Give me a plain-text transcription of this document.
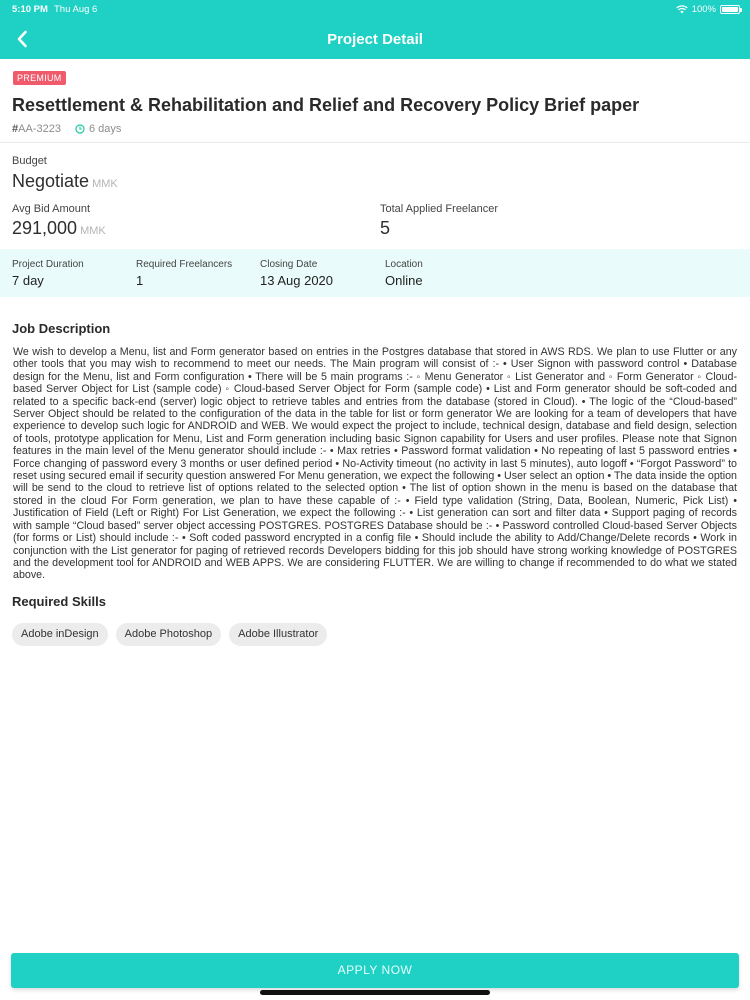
5:10 PM Thu Aug 6	100%
Project Detail
PREMIUM
Resettlement & Rehabilitation and Relief and Recovery Policy Brief paper
# AA-3223	6 days
Budget
Negotiate MMK
Avg Bid Amount
291,000 MMK
Total Applied Freelancer
5
Project Duration
7 day
Required Freelancers
1
Closing Date
13 Aug 2020
Location
Online
Job Description
We wish to develop a Menu, list and Form generator based on entries in the Postgres database that stored in AWS RDS. We plan to use Flutter or any other tools that you may wish to recommend to meet our needs. The Main program will consist of :- • User Signon with password control • Database design for the Menu, list and Form configuration • There will be 5 main programs :- ◦ Menu Generator ◦ List Generator and ◦ Form Generator ◦ Cloud-based Server Object for List (sample code) ◦ Cloud-based Server Object for Form (sample code) • List and Form generator should be soft-coded and related to a specific back-end (server) logic object to retrieve tables and entries from the database (stored in Cloud). • The logic of the “Cloud-based” Server Object should be related to the configuration of the data in the table for list or form generator We are looking for a team of developers that have experience to develop such logic for ANDROID and WEB. We would expect the project to include, technical design, database and field design, selection of tools, prototype application for Menu, List and Form generation including basic Signon capability for Users and user profiles. Please note that Signon features in the main level of the Menu generator should include :- • Max retries • Password format validation • No repeating of last 5 password entries • Force changing of password every 3 months or user defined period • No-Activity timeout (no activity in last 5 minutes), auto logoff • “Forgot Password” to reset using secured email if security question answered For Menu generation, we expect the following • User select an option • The data inside the option will be send to the cloud to retrieve list of options related to the selected option • The list of option shown in the menu is based on the database that stored in the cloud For Form generation, we plan to have these capable of :- • Field type validation (String, Data, Boolean, Numeric, Pick List) • Justification of Field (Left or Right) For List Generation, we expect the following :- • List generation can sort and filter data • Support paging of records with sample “Cloud based” server object accessing POSTGRES. POSTGRES Database should be :- • Password controlled Cloud-based Server Objects (for forms or List) should include :- • Soft coded password encrypted in a config file • Should include the ability to Add/Change/Delete records • Work in conjunction with the List generator for paging of retrieved records Developers bidding for this job should have strong working knowledge of POSTGRES and the development tool for ANDROID and WEB APPS. We are considering FLUTTER. We are willing to change if recommended to do what we stated above.
Required Skills
Adobe inDesign	Adobe Photoshop	Adobe Illustrator
APPLY NOW
